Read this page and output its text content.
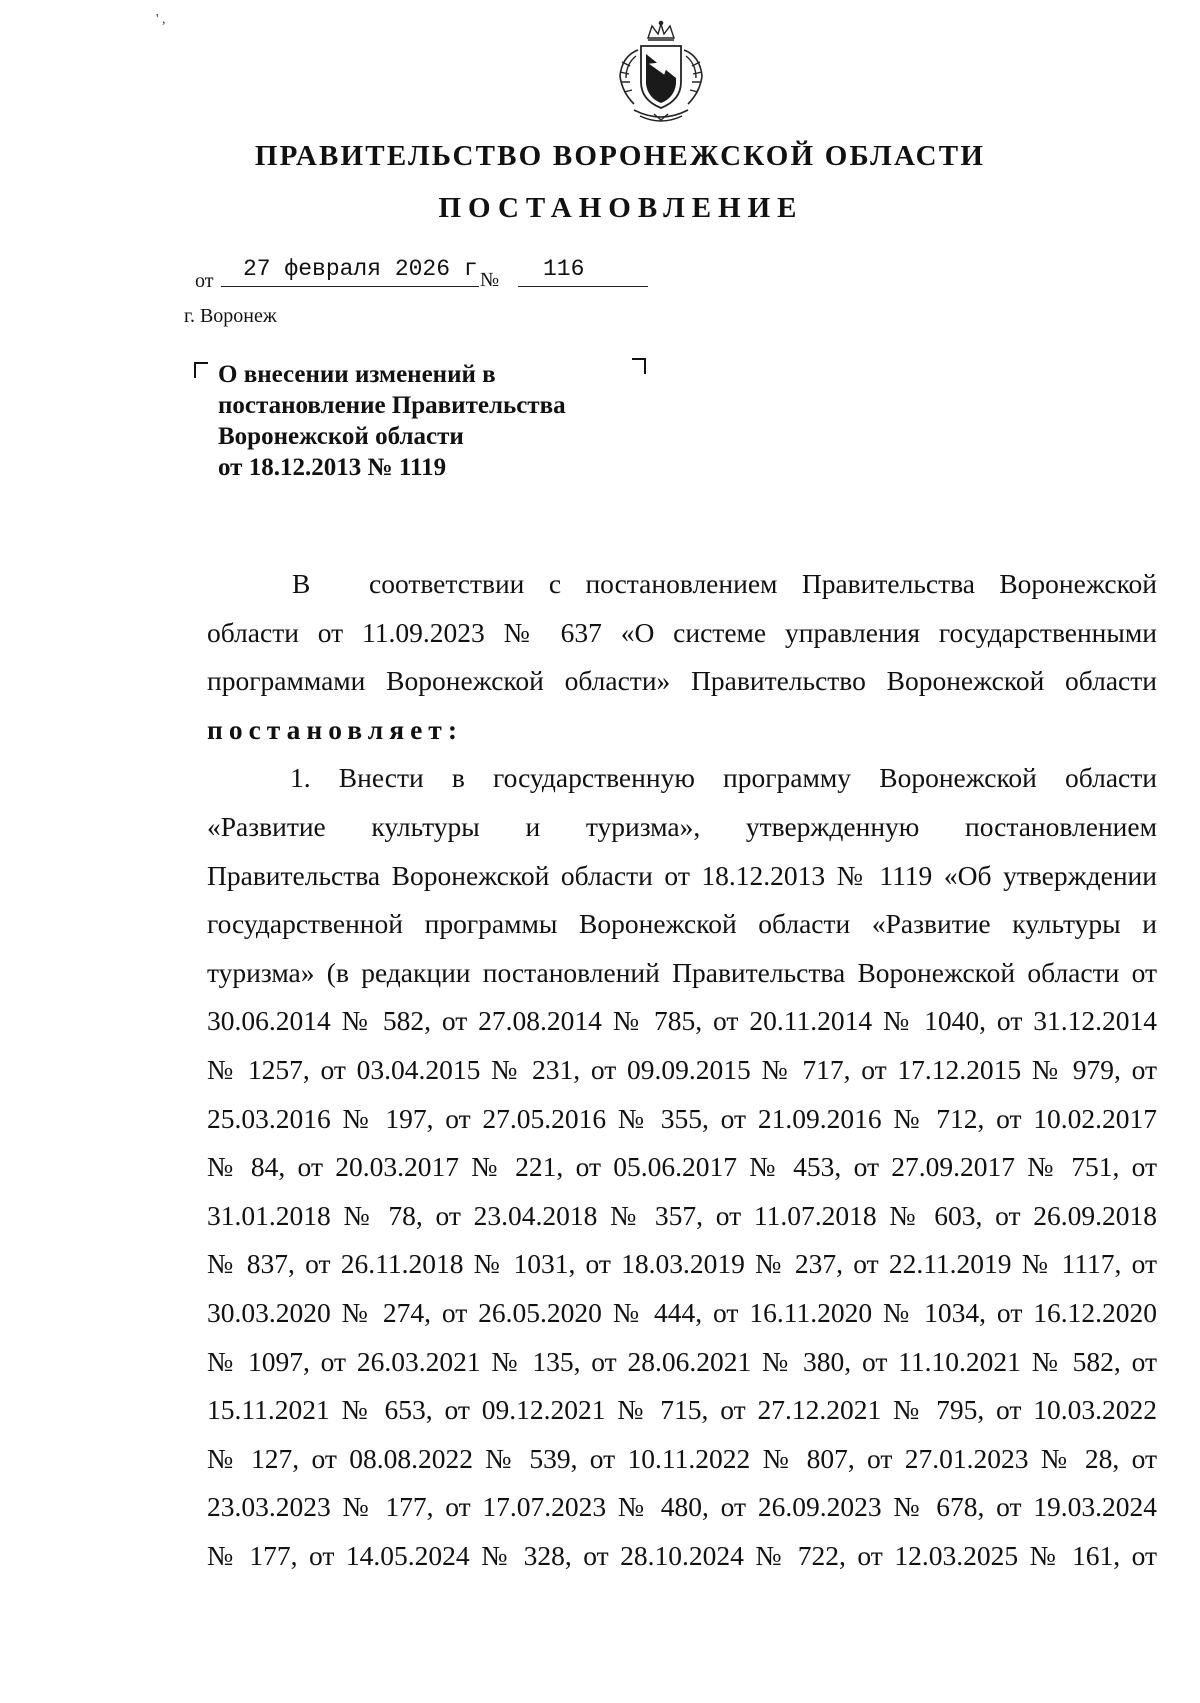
' ,
ПРАВИТЕЛЬСТВО ВОРОНЕЖСКОЙ ОБЛАСТИ
ПОСТАНОВЛЕНИЕ
от 27 февраля 2026 г № 116
г. Воронеж
О внесении изменений в
постановление Правительства
Воронежской области
от 18.12.2013 № 1119
В соответствии с постановлением Правительства Воронежской
области от 11.09.2023 № 637 «О системе управления государственными
программами Воронежской области» Правительство Воронежской области
постановляет:
1. Внести в государственную программу Воронежской области
«Развитие культуры и туризма», утвержденную постановлением
Правительства Воронежской области от 18.12.2013 № 1119 «Об утверждении
государственной программы Воронежской области «Развитие культуры и
туризма» (в редакции постановлений Правительства Воронежской области от
30.06.2014 № 582, от 27.08.2014 № 785, от 20.11.2014 № 1040, от 31.12.2014
№ 1257, от 03.04.2015 № 231, от 09.09.2015 № 717, от 17.12.2015 № 979, от
25.03.2016 № 197, от 27.05.2016 № 355, от 21.09.2016 № 712, от 10.02.2017
№ 84, от 20.03.2017 № 221, от 05.06.2017 № 453, от 27.09.2017 № 751, от
31.01.2018 № 78, от 23.04.2018 № 357, от 11.07.2018 № 603, от 26.09.2018
№ 837, от 26.11.2018 № 1031, от 18.03.2019 № 237, от 22.11.2019 № 1117, от
30.03.2020 № 274, от 26.05.2020 № 444, от 16.11.2020 № 1034, от 16.12.2020
№ 1097, от 26.03.2021 № 135, от 28.06.2021 № 380, от 11.10.2021 № 582, от
15.11.2021 № 653, от 09.12.2021 № 715, от 27.12.2021 № 795, от 10.03.2022
№ 127, от 08.08.2022 № 539, от 10.11.2022 № 807, от 27.01.2023 № 28, от
23.03.2023 № 177, от 17.07.2023 № 480, от 26.09.2023 № 678, от 19.03.2024
№ 177, от 14.05.2024 № 328, от 28.10.2024 № 722, от 12.03.2025 № 161, от
